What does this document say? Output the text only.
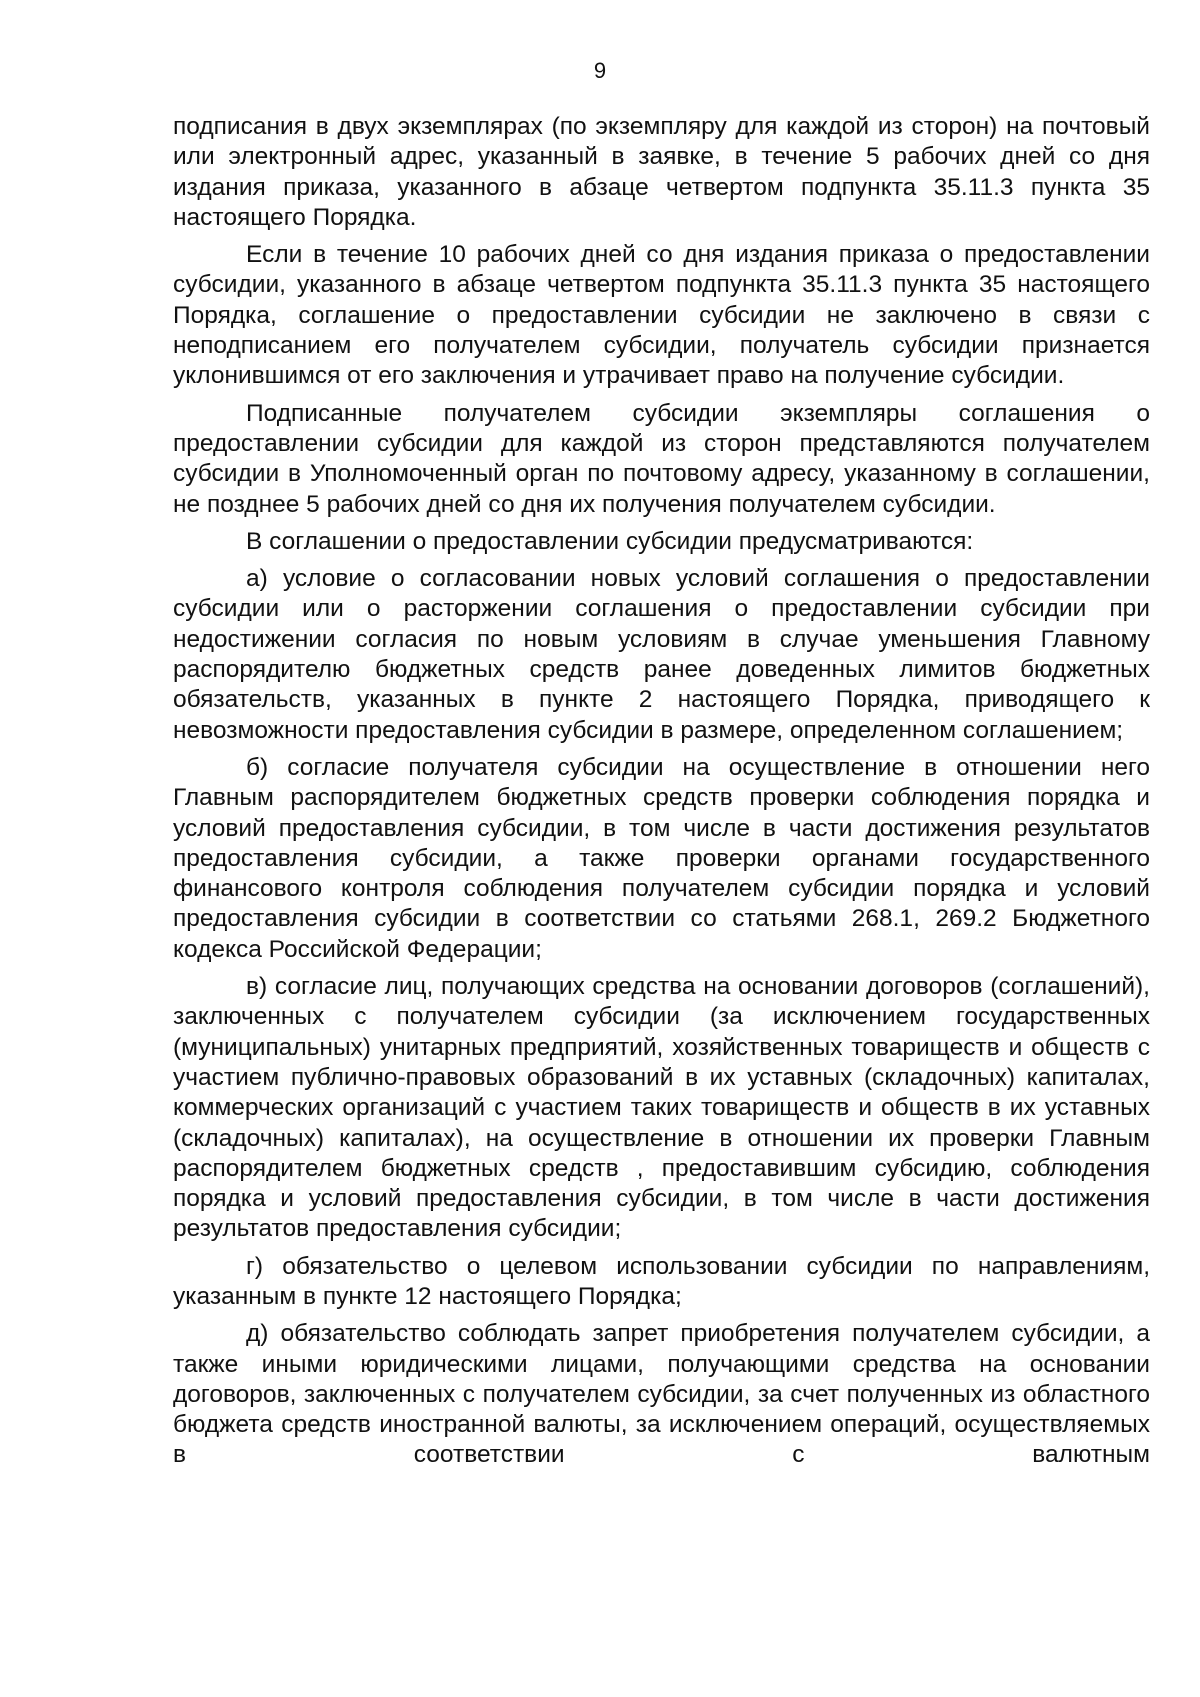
9

подписания в двух экземплярах (по экземпляру для каждой из сторон) на почтовый или электронный адрес, указанный в заявке, в течение 5 рабочих дней со дня издания приказа, указанного в абзаце четвертом подпункта 35.11.3 пункта 35 настоящего Порядка.

Если в течение 10 рабочих дней со дня издания приказа о предоставлении субсидии, указанного в абзаце четвертом подпункта 35.11.3 пункта 35 настоящего Порядка, соглашение о предоставлении субсидии не заключено в связи с неподписанием его получателем субсидии, получатель субсидии признается уклонившимся от его заключения и утрачивает право на получение субсидии.

Подписанные получателем субсидии экземпляры соглашения о предоставлении субсидии для каждой из сторон представляются получателем субсидии в Уполномоченный орган по почтовому адресу, указанному в соглашении, не позднее 5 рабочих дней со дня их получения получателем субсидии.

В соглашении о предоставлении субсидии предусматриваются:

а) условие о согласовании новых условий соглашения о предоставлении субсидии или о расторжении соглашения о предоставлении субсидии при недостижении согласия по новым условиям в случае уменьшения Главному распорядителю бюджетных средств ранее доведенных лимитов бюджетных обязательств, указанных в пункте 2 настоящего Порядка, приводящего к невозможности предоставления субсидии в размере, определенном соглашением;

б) согласие получателя субсидии на осуществление в отношении него Главным распорядителем бюджетных средств проверки соблюдения порядка и условий предоставления субсидии, в том числе в части достижения результатов предоставления субсидии, а также проверки органами государственного финансового контроля соблюдения получателем субсидии порядка и условий предоставления субсидии в соответствии со статьями 268.1, 269.2 Бюджетного кодекса Российской Федерации;

в) согласие лиц, получающих средства на основании договоров (соглашений), заключенных с получателем субсидии (за исключением государственных (муниципальных) унитарных предприятий, хозяйственных товариществ и обществ с участием публично-правовых образований в их уставных (складочных) капиталах, коммерческих организаций с участием таких товариществ и обществ в их уставных (складочных) капиталах), на осуществление в отношении их проверки Главным распорядителем бюджетных средств , предоставившим субсидию, соблюдения порядка и условий предоставления субсидии, в том числе в части достижения результатов предоставления субсидии;

г) обязательство о целевом использовании субсидии по направлениям, указанным в пункте 12 настоящего Порядка;

д) обязательство соблюдать запрет приобретения получателем субсидии, а также иными юридическими лицами, получающими средства на основании договоров, заключенных с получателем субсидии, за счет полученных из областного бюджета средств иностранной валюты, за исключением операций, осуществляемых в соответствии с валютным
